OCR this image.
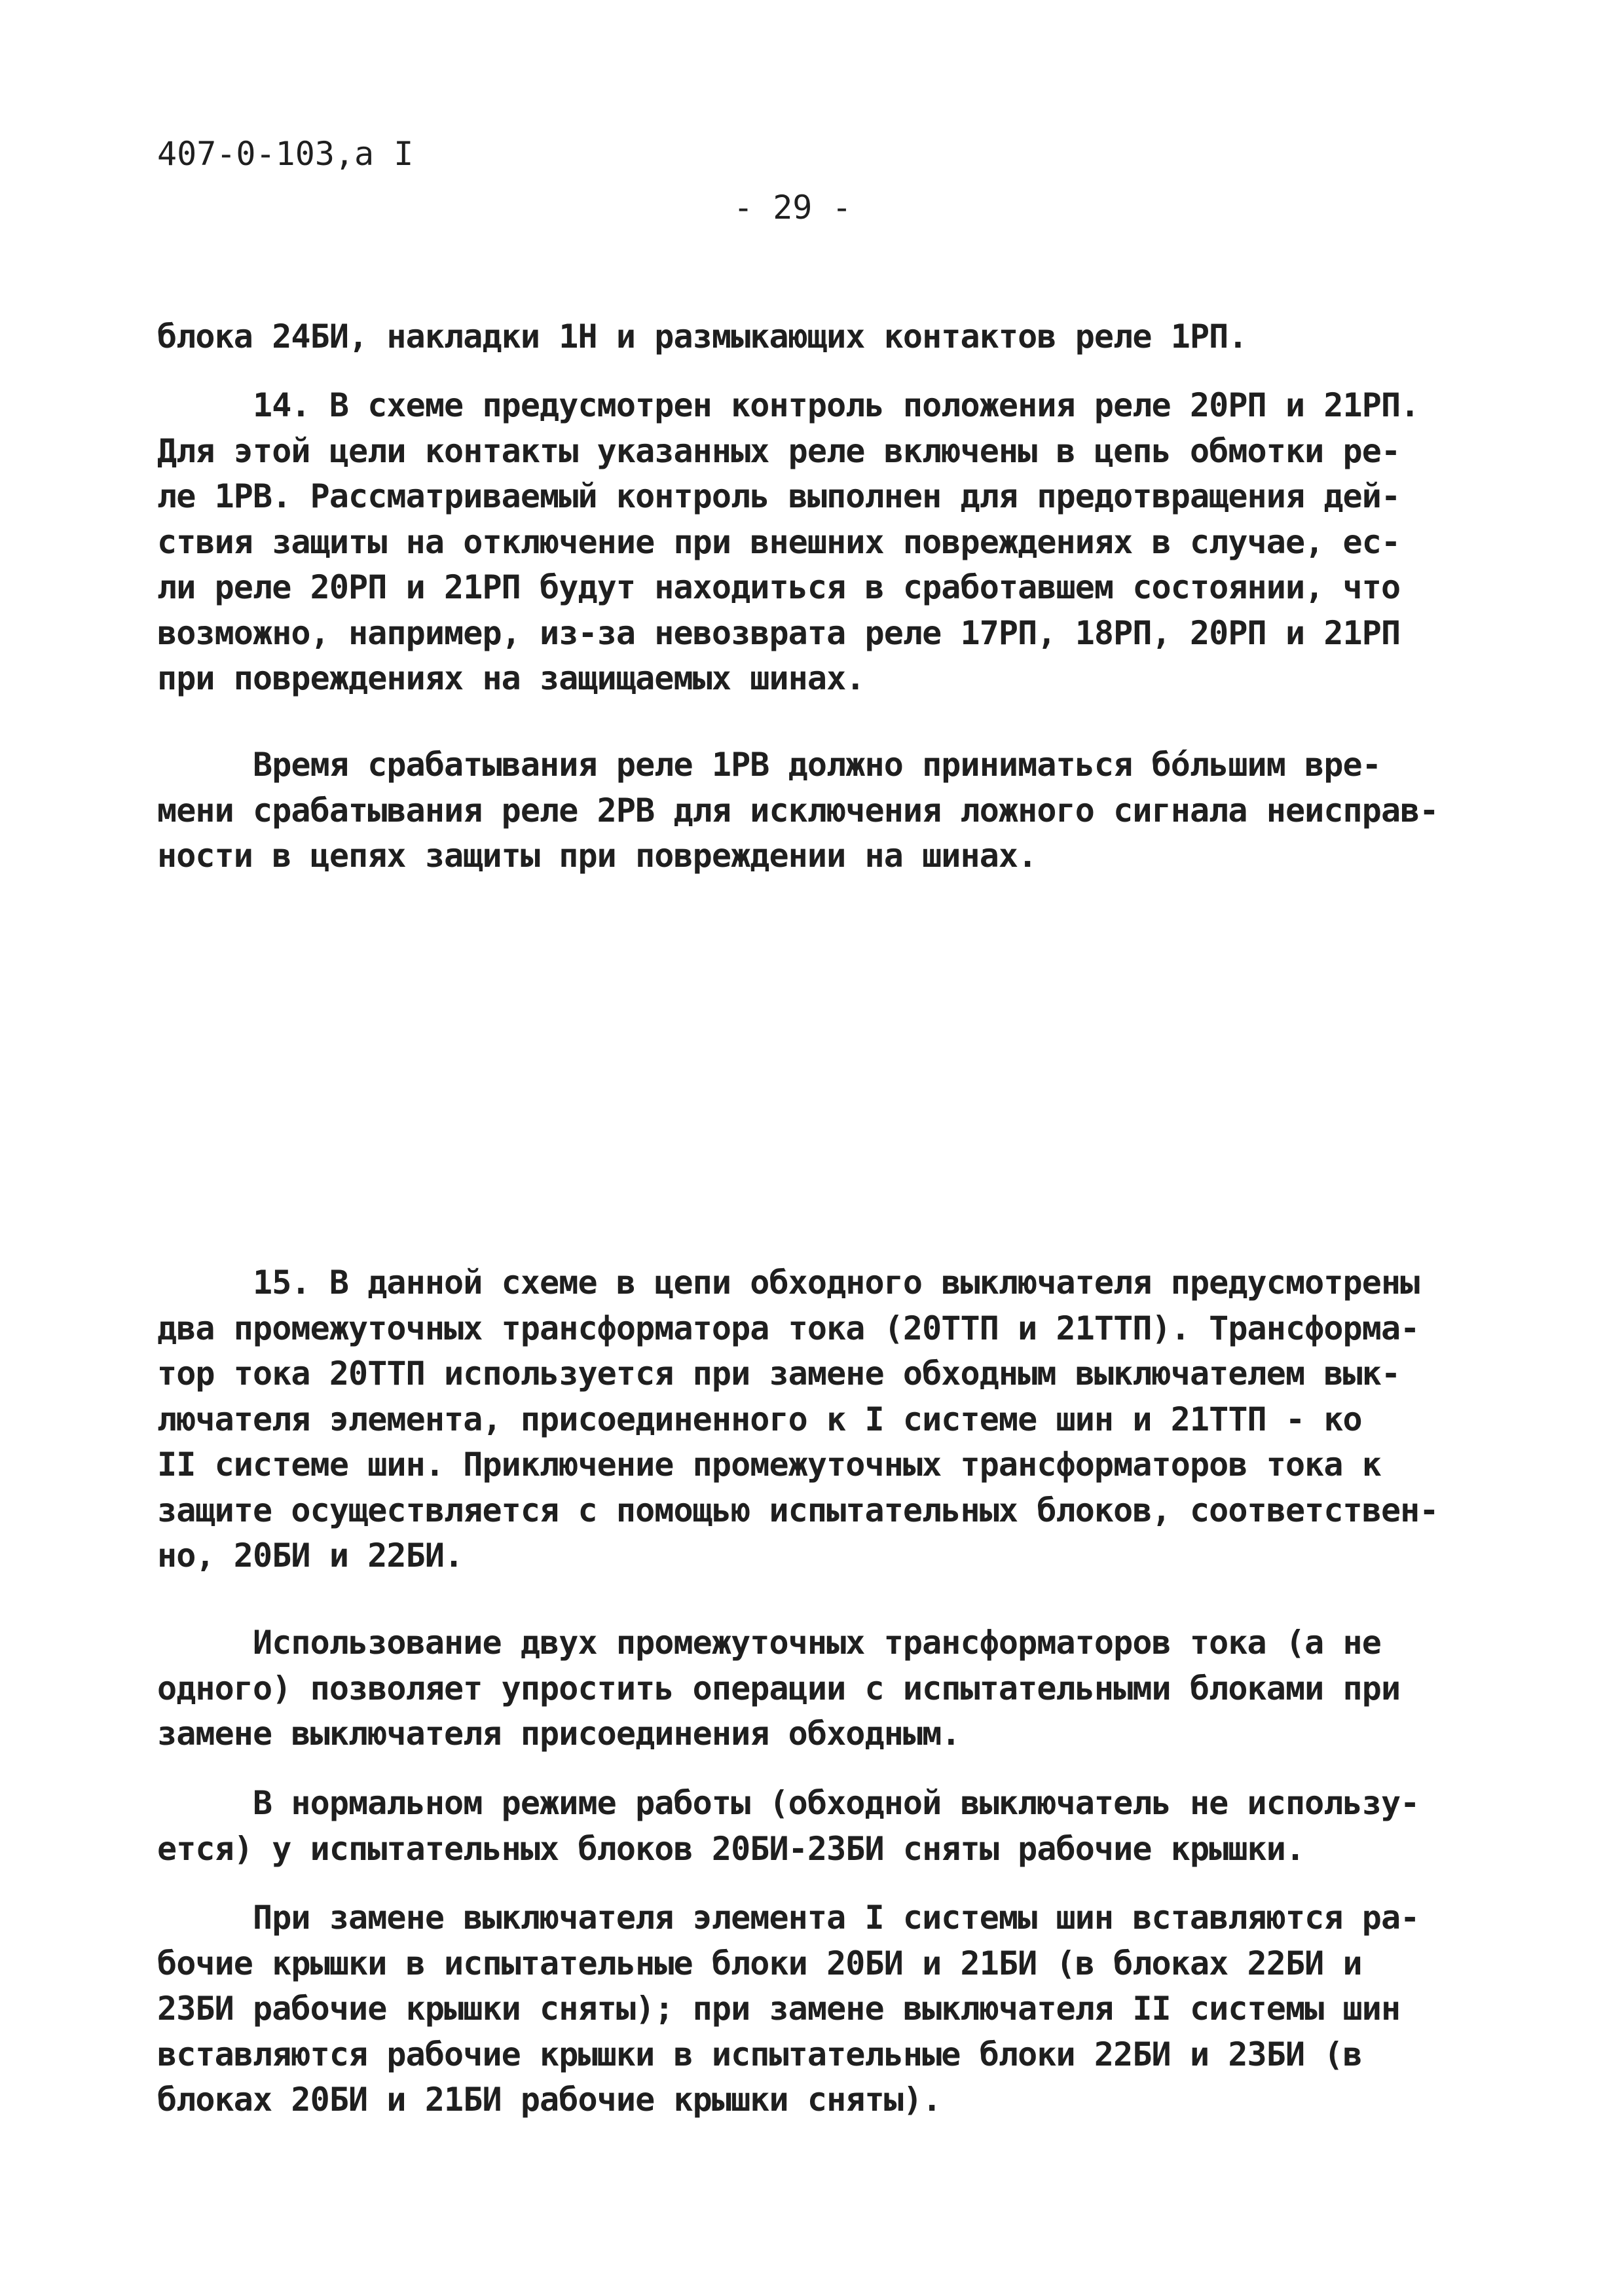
407-0-103,а I
- 29 -

блока 24БИ, накладки 1Н и размыкающих контактов реле 1РП.

14. В схеме предусмотрен контроль положения реле 20РП и 21РП.
Для этой цели контакты указанных реле включены в цепь обмотки ре-
ле 1РВ. Рассматриваемый контроль выполнен для предотвращения дей-
ствия защиты на отключение при внешних повреждениях в случае, ес-
ли реле 20РП и 21РП будут находиться в сработавшем состоянии, что
возможно, например, из-за невозврата реле 17РП, 18РП, 20РП и 21РП
при повреждениях на защищаемых шинах.

Время срабатывания реле 1РВ должно приниматься бо́льшим вре-
мени срабатывания реле 2РВ для исключения ложного сигнала неисправ-
ности в цепях защиты при повреждении на шинах.

15. В данной схеме в цепи обходного выключателя предусмотрены
два промежуточных трансформатора тока (20ТТП и 21ТТП). Трансформа-
тор тока 20ТТП используется при замене обходным выключателем вык-
лючателя элемента, присоединенного к I системе шин и 21ТТП - ко
II системе шин. Приключение промежуточных трансформаторов тока к
защите осуществляется с помощью испытательных блоков, соответствен-
но, 20БИ и 22БИ.

Использование двух промежуточных трансформаторов тока (а не
одного) позволяет упростить операции с испытательными блоками при
замене выключателя присоединения обходным.

В нормальном режиме работы (обходной выключатель не использу-
ется) у испытательных блоков 20БИ-23БИ сняты рабочие крышки.

При замене выключателя элемента I системы шин вставляются ра-
бочие крышки в испытательные блоки 20БИ и 21БИ (в блоках 22БИ и
23БИ рабочие крышки сняты); при замене выключателя II системы шин
вставляются рабочие крышки в испытательные блоки 22БИ и 23БИ (в
блоках 20БИ и 21БИ рабочие крышки сняты).
